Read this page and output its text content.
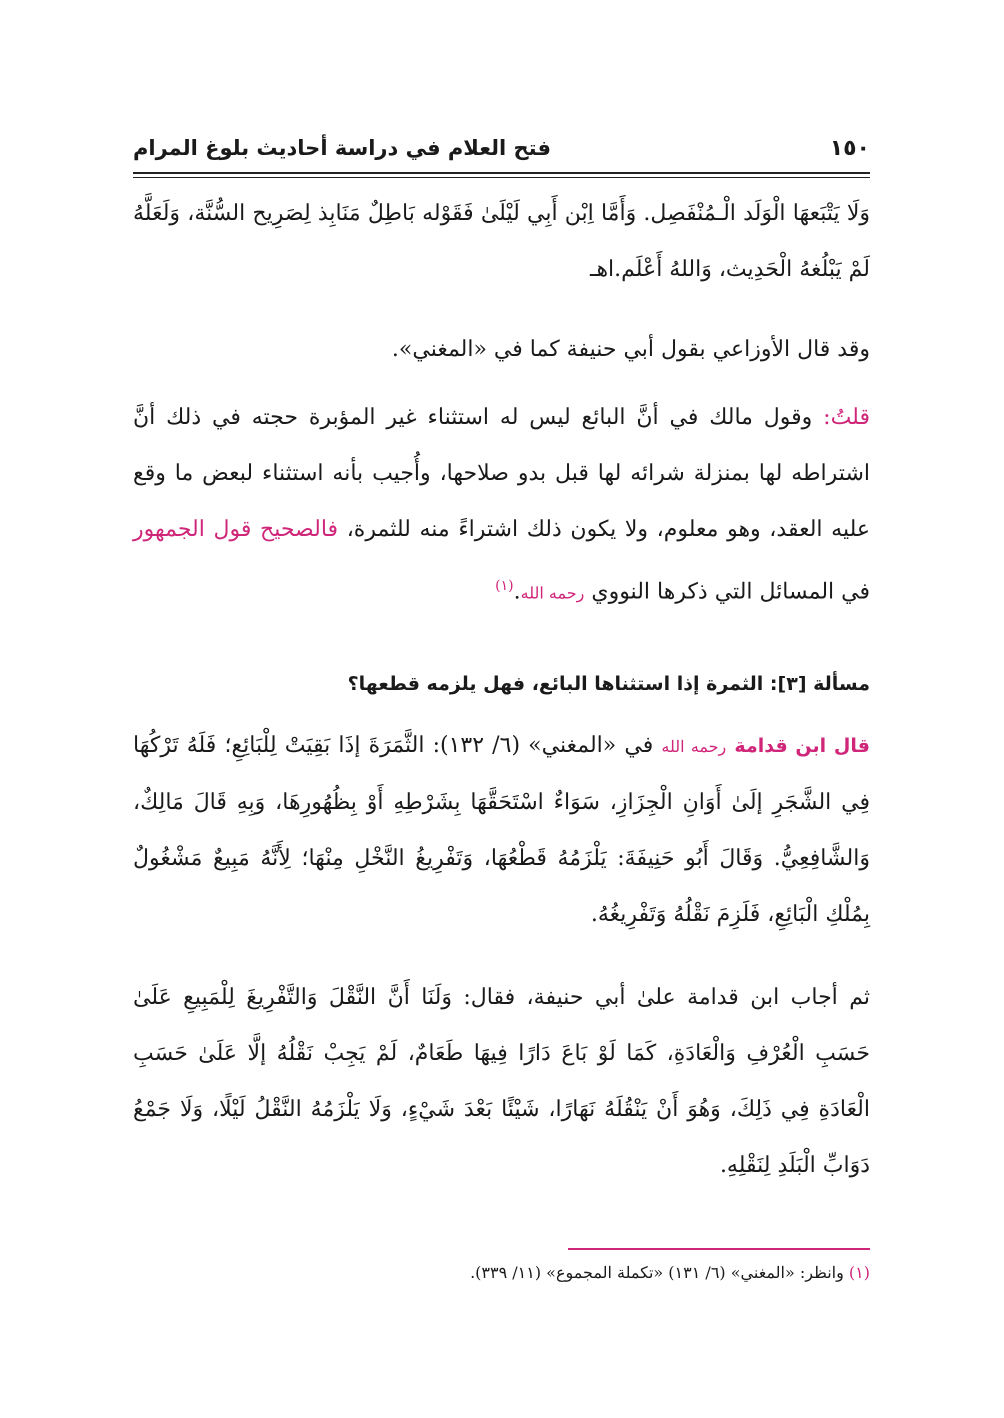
١٥٠
فتح العلام في دراسة أحاديث بلوغ المرام

وَلَا يَتْبَعهَا الْوَلَد الْـمُنْفَصِل. وَأَمَّا اِبْن أَبِي لَيْلَىٰ فَقَوْله بَاطِلٌ مَنَابِذ لِصَرِيح السُّنَّة، وَلَعَلَّهُ لَمْ يَبْلُغهُ الْحَدِيث، وَاللهُ أَعْلَم.اهـ

وقد قال الأوزاعي بقول أبي حنيفة كما في «المغني».

قلتُ: وقول مالك في أنَّ البائع ليس له استثناء غير المؤبرة حجته في ذلك أنَّ اشتراطه لها بمنزلة شرائه لها قبل بدو صلاحها، وأُجيب بأنه استثناء لبعض ما وقع عليه العقد، وهو معلوم، ولا يكون ذلك اشتراءً منه للثمرة، فالصحيح قول الجمهور في المسائل التي ذكرها النووي رحمه الله.$^{(١)}$

مسألة [٣]: الثمرة إذا استثناها البائع، فهل يلزمه قطعها؟

قال ابن قدامة رحمه الله في «المغني» (٦/ ١٣٢): الثَّمَرَةَ إذَا بَقِيَتْ لِلْبَائِعِ؛ فَلَهُ تَرْكُهَا فِي الشَّجَرِ إلَىٰ أَوَانِ الْجِزَازِ، سَوَاءٌ اسْتَحَقَّهَا بِشَرْطِهِ أَوْ بِظُهُورِهَا، وَبِهِ قَالَ مَالِكٌ، وَالشَّافِعِيُّ. وَقَالَ أَبُو حَنِيفَةَ: يَلْزَمُهُ قَطْعُهَا، وَتَفْرِيغُ النَّخْلِ مِنْهَا؛ لِأَنَّهُ مَبِيعٌ مَشْغُولٌ بِمُلْكِ الْبَائِعِ، فَلَزِمَ نَقْلُهُ وَتَفْرِيغُهُ.

ثم أجاب ابن قدامة علىٰ أبي حنيفة، فقال: وَلَنَا أَنَّ النَّقْلَ وَالتَّفْرِيغَ لِلْمَبِيعِ عَلَىٰ حَسَبِ الْعُرْفِ وَالْعَادَةِ، كَمَا لَوْ بَاعَ دَارًا فِيهَا طَعَامٌ، لَمْ يَجِبْ نَقْلُهُ إلَّا عَلَىٰ حَسَبِ الْعَادَةِ فِي ذَلِكَ، وَهُوَ أَنْ يَنْقُلَهُ نَهَارًا، شَيْئًا بَعْدَ شَيْءٍ، وَلَا يَلْزَمُهُ النَّقْلُ لَيْلًا، وَلَا جَمْعُ دَوَابِّ الْبَلَدِ لِنَقْلِهِ.

(١) وانظر: «المغني» (٦/ ١٣١) «تكملة المجموع» (١١/ ٣٣٩).
